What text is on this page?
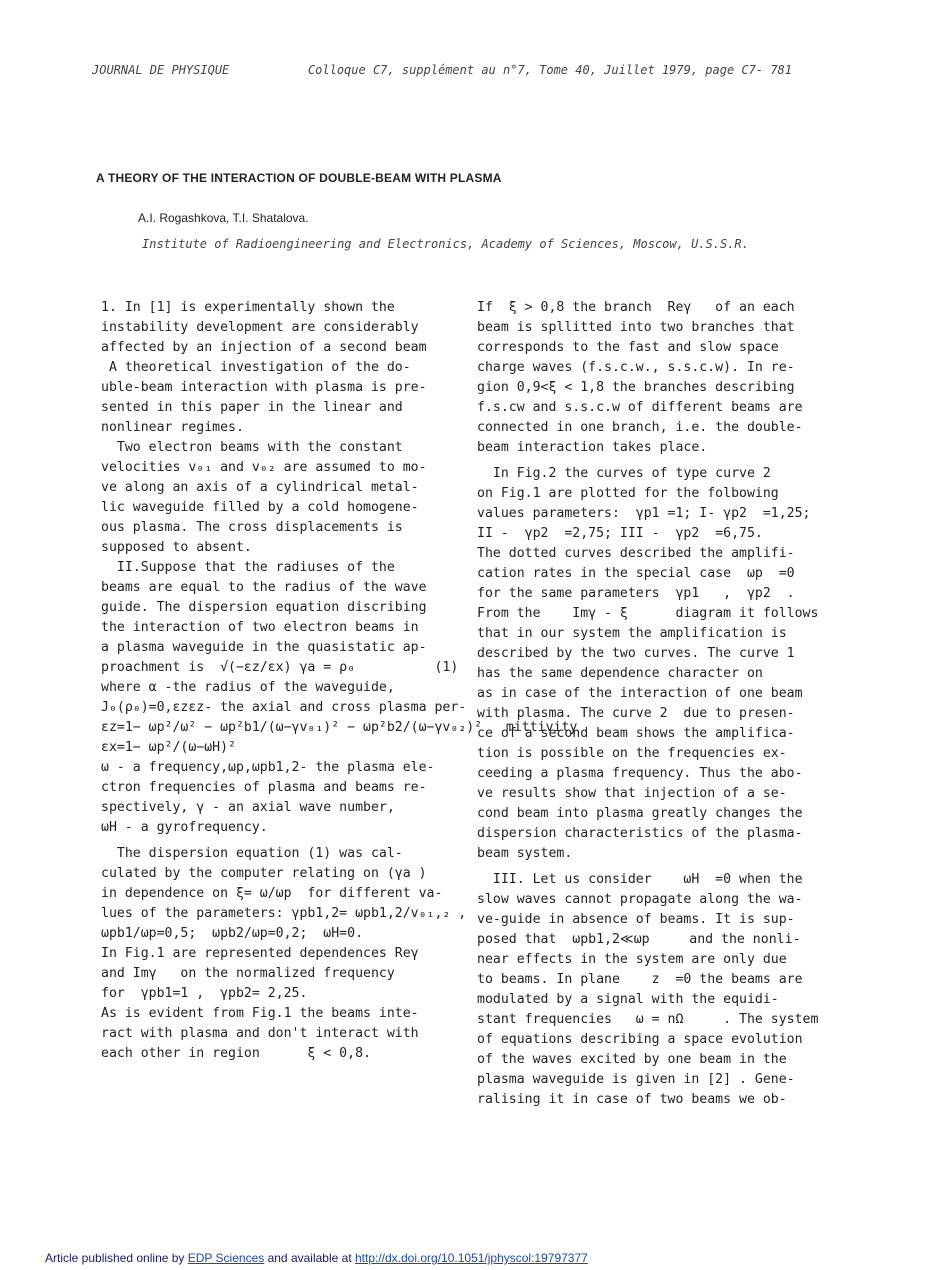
JOURNAL DE PHYSIQUE	Colloque C7, supplément au n°7, Tome 40, Juillet 1979, page C7- 781
A THEORY OF THE INTERACTION OF DOUBLE-BEAM WITH PLASMA
A.I. Rogashkova, T.I. Shatalova.
Institute of Radioengineering and Electronics, Academy of Sciences, Moscow, U.S.S.R.

1. In [1] is experimentally shown the

instability development are considerably

affected by an injection of a second beam

A theoretical investigation of the do-

uble-beam interaction with plasma is pre-

sented in this paper in the linear and

nonlinear regimes.

Two electron beams with the constant

velocities v₀₁ and v₀₂ are assumed to mo-

ve along an axis of a cylindrical metal-

lic waveguide filled by a cold homogene-

ous plasma. The cross displacements is

supposed to absent.

II.Suppose that the radiuses of the

beams are equal to the radius of the wave

guide. The dispersion equation discribing

the interaction of two electron beams in

a plasma waveguide in the quasistatic ap-

proachment is  √(−εz/εx) γa = ρ₀          (1)

where α -the radius of the waveguide,

J₀(ρ₀)=0,εzεz- the axial and cross plasma per-

εz=1− ωp²/ω² − ωp²b1/(ω−γv₀₁)² − ωp²b2/(ω−γv₀₂)²   mittivity

εx=1− ωp²/(ω−ωH)²

ω - a frequency,ωp,ωpb1,2- the plasma ele-

ctron frequencies of plasma and beams re-

spectively, γ - an axial wave number,

ωH - a gyrofrequency.

The dispersion equation (1) was cal-

culated by the computer relating on (γa )

in dependence on ξ= ω/ωp  for different va-

lues of the parameters: γpb1,2= ωpb1,2/v₀₁,₂ ,

ωpb1/ωp=0,5;  ωpb2/ωp=0,2;  ωH=0.

In Fig.1 are represented dependences Reγ

and Imγ   on the normalized frequency

for  γpb1=1 ,  γpb2= 2,25.

As is evident from Fig.1 the beams inte-

ract with plasma and don't interact with

each other in region      ξ < 0,8.

If  ξ > 0,8 the branch  Reγ   of an each

beam is spllitted into two branches that

corresponds to the fast and slow space

charge waves (f.s.c.w., s.s.c.w). In re-

gion 0,9<ξ < 1,8 the branches describing

f.s.cw and s.s.c.w of different beams are

connected in one branch, i.e. the double-

beam interaction takes place.

In Fig.2 the curves of type curve 2

on Fig.1 are plotted for the folbowing

values parameters:  γp1 =1; I- γp2  =1,25;

II -  γp2  =2,75; III -  γp2  =6,75.

The dotted curves described the amplifi-

cation rates in the special case  ωp  =0

for the same parameters  γp1   ,  γp2  .

From the    Imγ - ξ      diagram it follows

that in our system the amplification is

described by the two curves. The curve 1

has the same dependence character on

as in case of the interaction of one beam

with plasma. The curve 2  due to presen-

ce of a second beam shows the amplifica-

tion is possible on the frequencies ex-

ceeding a plasma frequency. Thus the abo-

ve results show that injection of a se-

cond beam into plasma greatly changes the

dispersion characteristics of the plasma-

beam system.

III. Let us consider    ωH  =0 when the

slow waves cannot propagate along the wa-

ve-guide in absence of beams. It is sup-

posed that  ωpb1,2≪ωp     and the nonli-

near effects in the system are only due

to beams. In plane    z  =0 the beams are

modulated by a signal with the equidi-

stant frequencies   ω = nΩ     . The system

of equations describing a space evolution

of the waves excited by one beam in the

plasma waveguide is given in [2] . Gene-

ralising it in case of two beams we ob-

Article published online by EDP Sciences and available at http://dx.doi.org/10.1051/jphyscol:19797377
